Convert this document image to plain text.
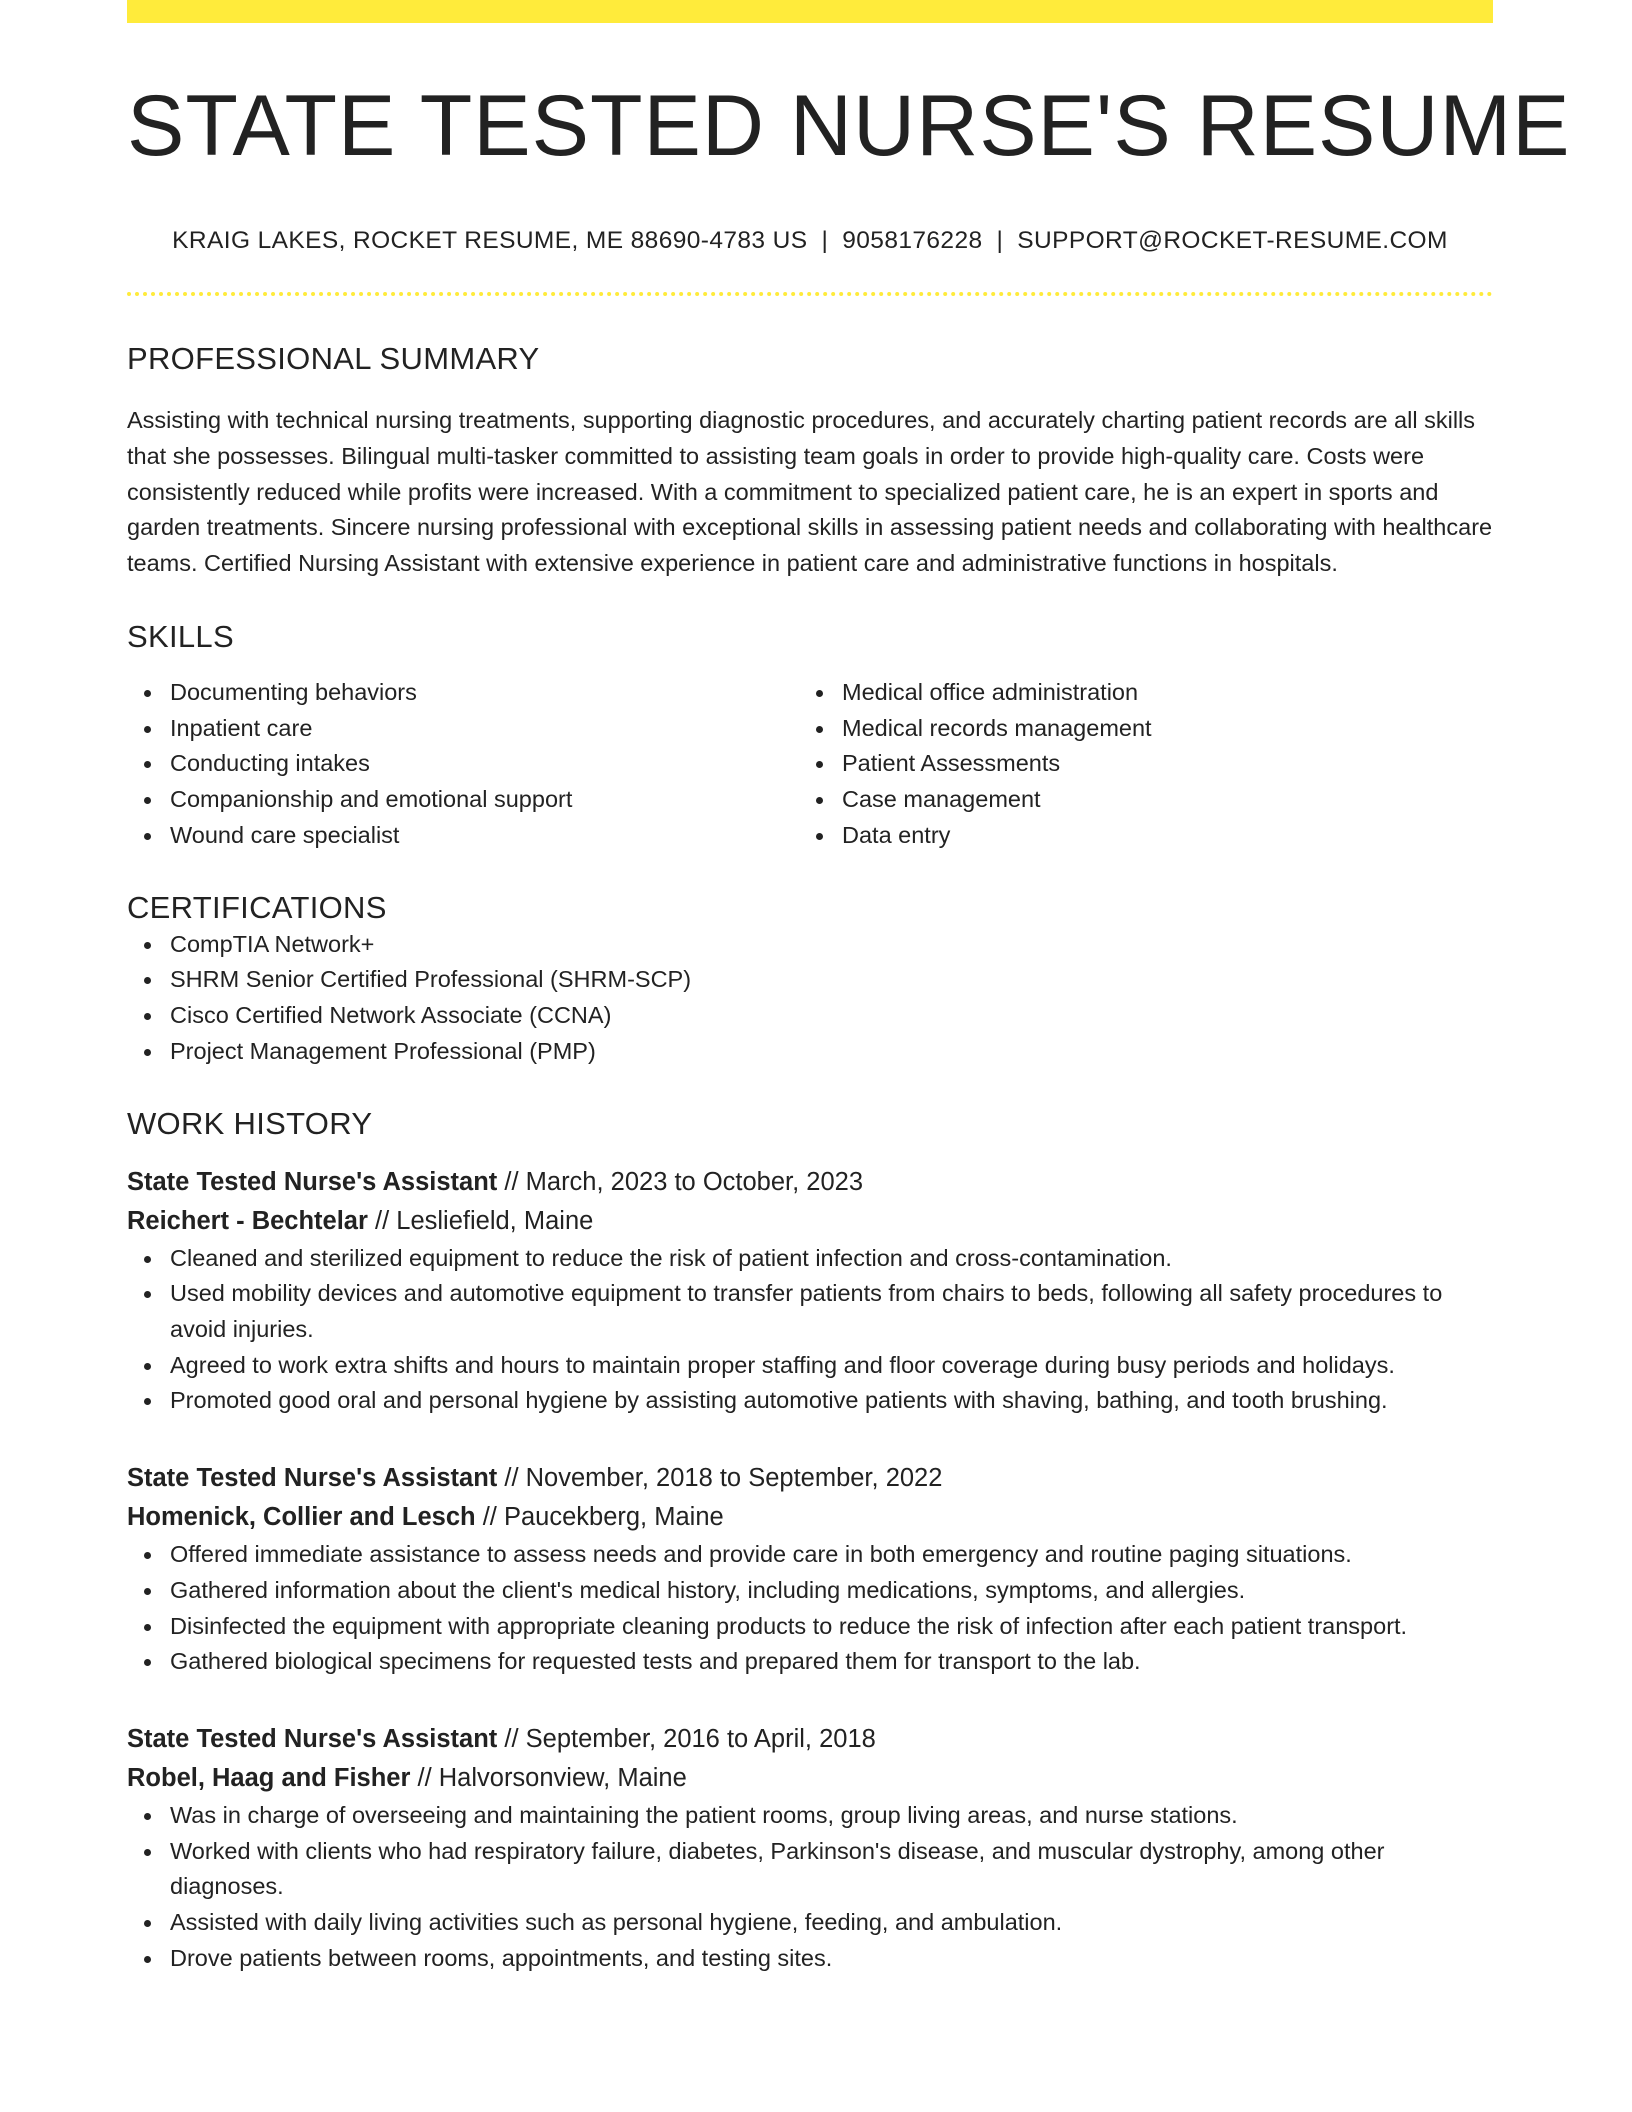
STATE TESTED NURSE'S RESUME
KRAIG LAKES, ROCKET RESUME, ME 88690-4783 US | 9058176228 | SUPPORT@ROCKET-RESUME.COM
PROFESSIONAL SUMMARY

Assisting with technical nursing treatments, supporting diagnostic procedures, and accurately charting patient records are all skills that she possesses. Bilingual multi-tasker committed to assisting team goals in order to provide high-quality care. Costs were consistently reduced while profits were increased. With a commitment to specialized patient care, he is an expert in sports and garden treatments. Sincere nursing professional with exceptional skills in assessing patient needs and collaborating with healthcare teams. Certified Nursing Assistant with extensive experience in patient care and administrative functions in hospitals.

SKILLS
Documenting behaviors
Inpatient care
Conducting intakes
Companionship and emotional support
Wound care specialist
Medical office administration
Medical records management
Patient Assessments
Case management
Data entry
CERTIFICATIONS
CompTIA Network+
SHRM Senior Certified Professional (SHRM-SCP)
Cisco Certified Network Associate (CCNA)
Project Management Professional (PMP)
WORK HISTORY
State Tested Nurse's Assistant // March, 2023 to October, 2023
Reichert - Bechtelar // Lesliefield, Maine
Cleaned and sterilized equipment to reduce the risk of patient infection and cross-contamination.
Used mobility devices and automotive equipment to transfer patients from chairs to beds, following all safety procedures to avoid injuries.
Agreed to work extra shifts and hours to maintain proper staffing and floor coverage during busy periods and holidays.
Promoted good oral and personal hygiene by assisting automotive patients with shaving, bathing, and tooth brushing.
State Tested Nurse's Assistant // November, 2018 to September, 2022
Homenick, Collier and Lesch // Paucekberg, Maine
Offered immediate assistance to assess needs and provide care in both emergency and routine paging situations.
Gathered information about the client's medical history, including medications, symptoms, and allergies.
Disinfected the equipment with appropriate cleaning products to reduce the risk of infection after each patient transport.
Gathered biological specimens for requested tests and prepared them for transport to the lab.
State Tested Nurse's Assistant // September, 2016 to April, 2018
Robel, Haag and Fisher // Halvorsonview, Maine
Was in charge of overseeing and maintaining the patient rooms, group living areas, and nurse stations.
Worked with clients who had respiratory failure, diabetes, Parkinson's disease, and muscular dystrophy, among other diagnoses.
Assisted with daily living activities such as personal hygiene, feeding, and ambulation.
Drove patients between rooms, appointments, and testing sites.
